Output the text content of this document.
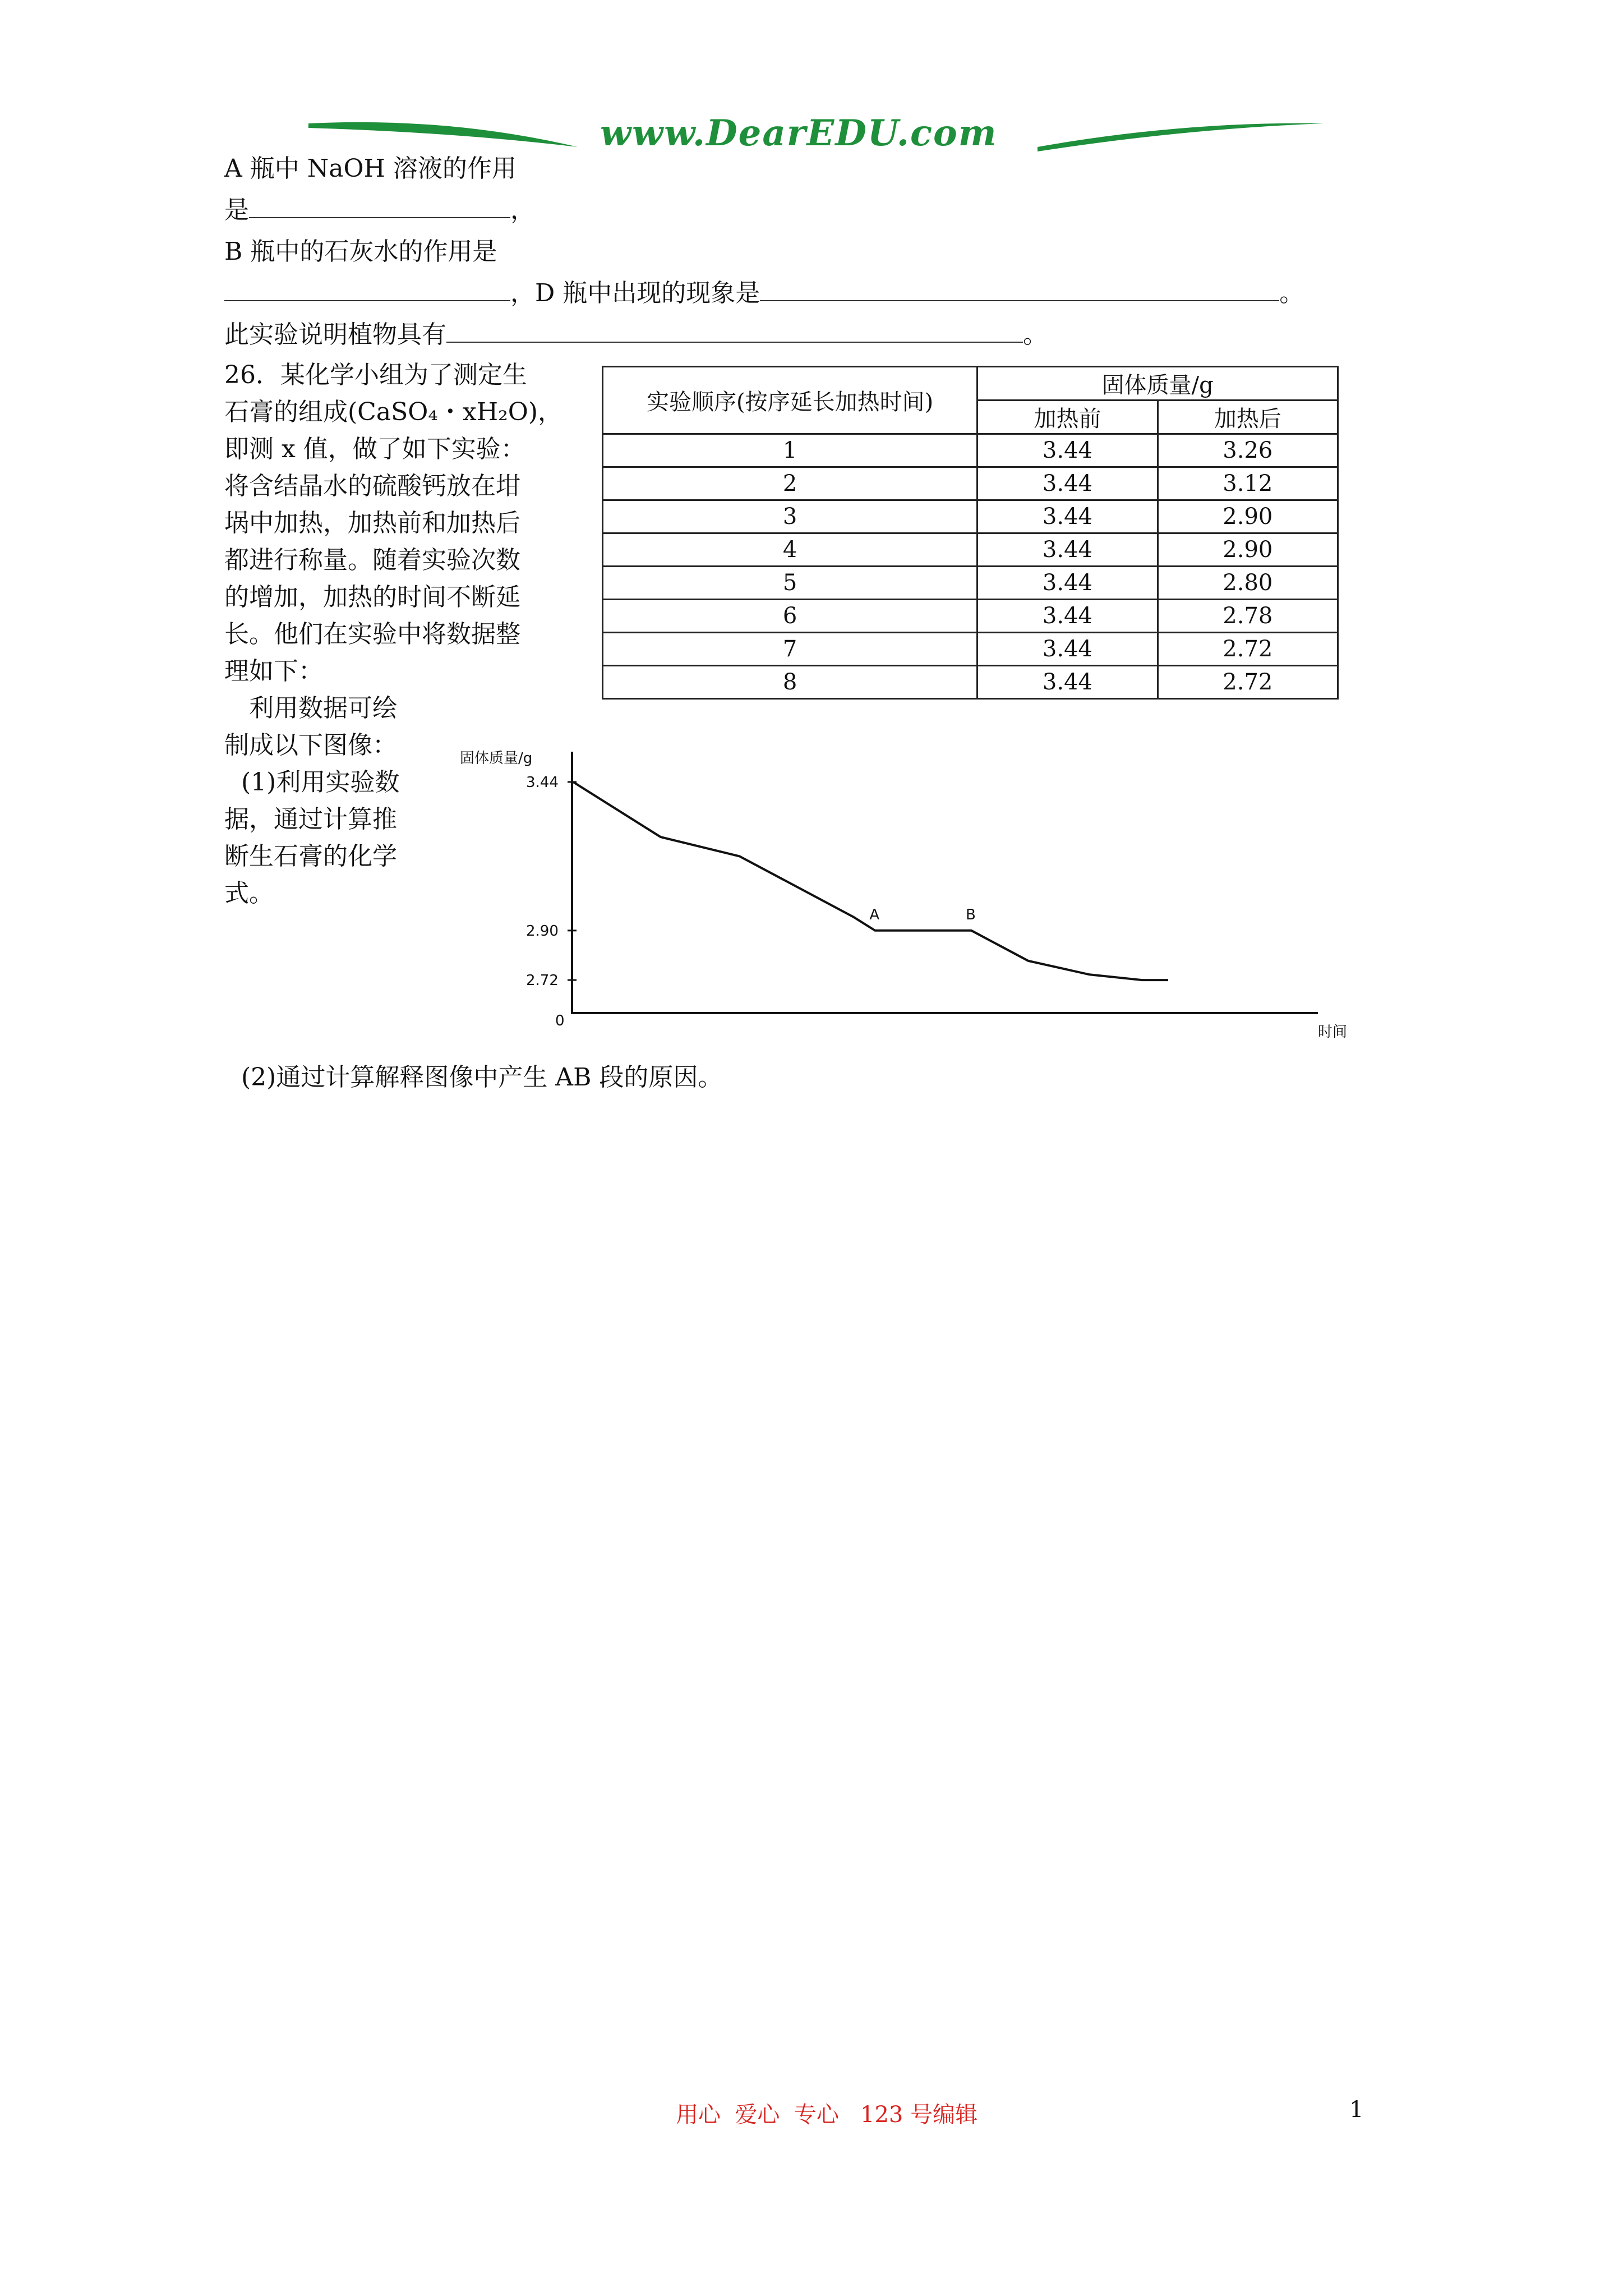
www.DearEDU.com
A 瓶中 NaOH 溶液的作用
是	，
B 瓶中的石灰水的作用是
，D 瓶中出现的现象是	。
此实验说明植物具有	。
26．某化学小组为了测定生
石膏的组成(CaSO₄・xH₂O)，
即测 x 值，做了如下实验：
将含结晶水的硫酸钙放在坩
埚中加热，加热前和加热后
都进行称量。随着实验次数
的增加，加热的时间不断延
长。他们在实验中将数据整
理如下：
利用数据可绘
制成以下图像：
(1)利用实验数
据，通过计算推
断生石膏的化学
式。
实验顺序(按序延长加热时间)	固体质量/g	
	加热前	加热后
1	3.44	3.26
2	3.44	3.12
3	3.44	2.90
4	3.44	2.90
5	3.44	2.80
6	3.44	2.78
7	3.44	2.72
8	3.44	2.72
固体质量/g
时间
0
3.44
2.90
2.72
A	B
(2)通过计算解释图像中产生 AB 段的原因。
用心  爱心  专心   123 号编辑	1
